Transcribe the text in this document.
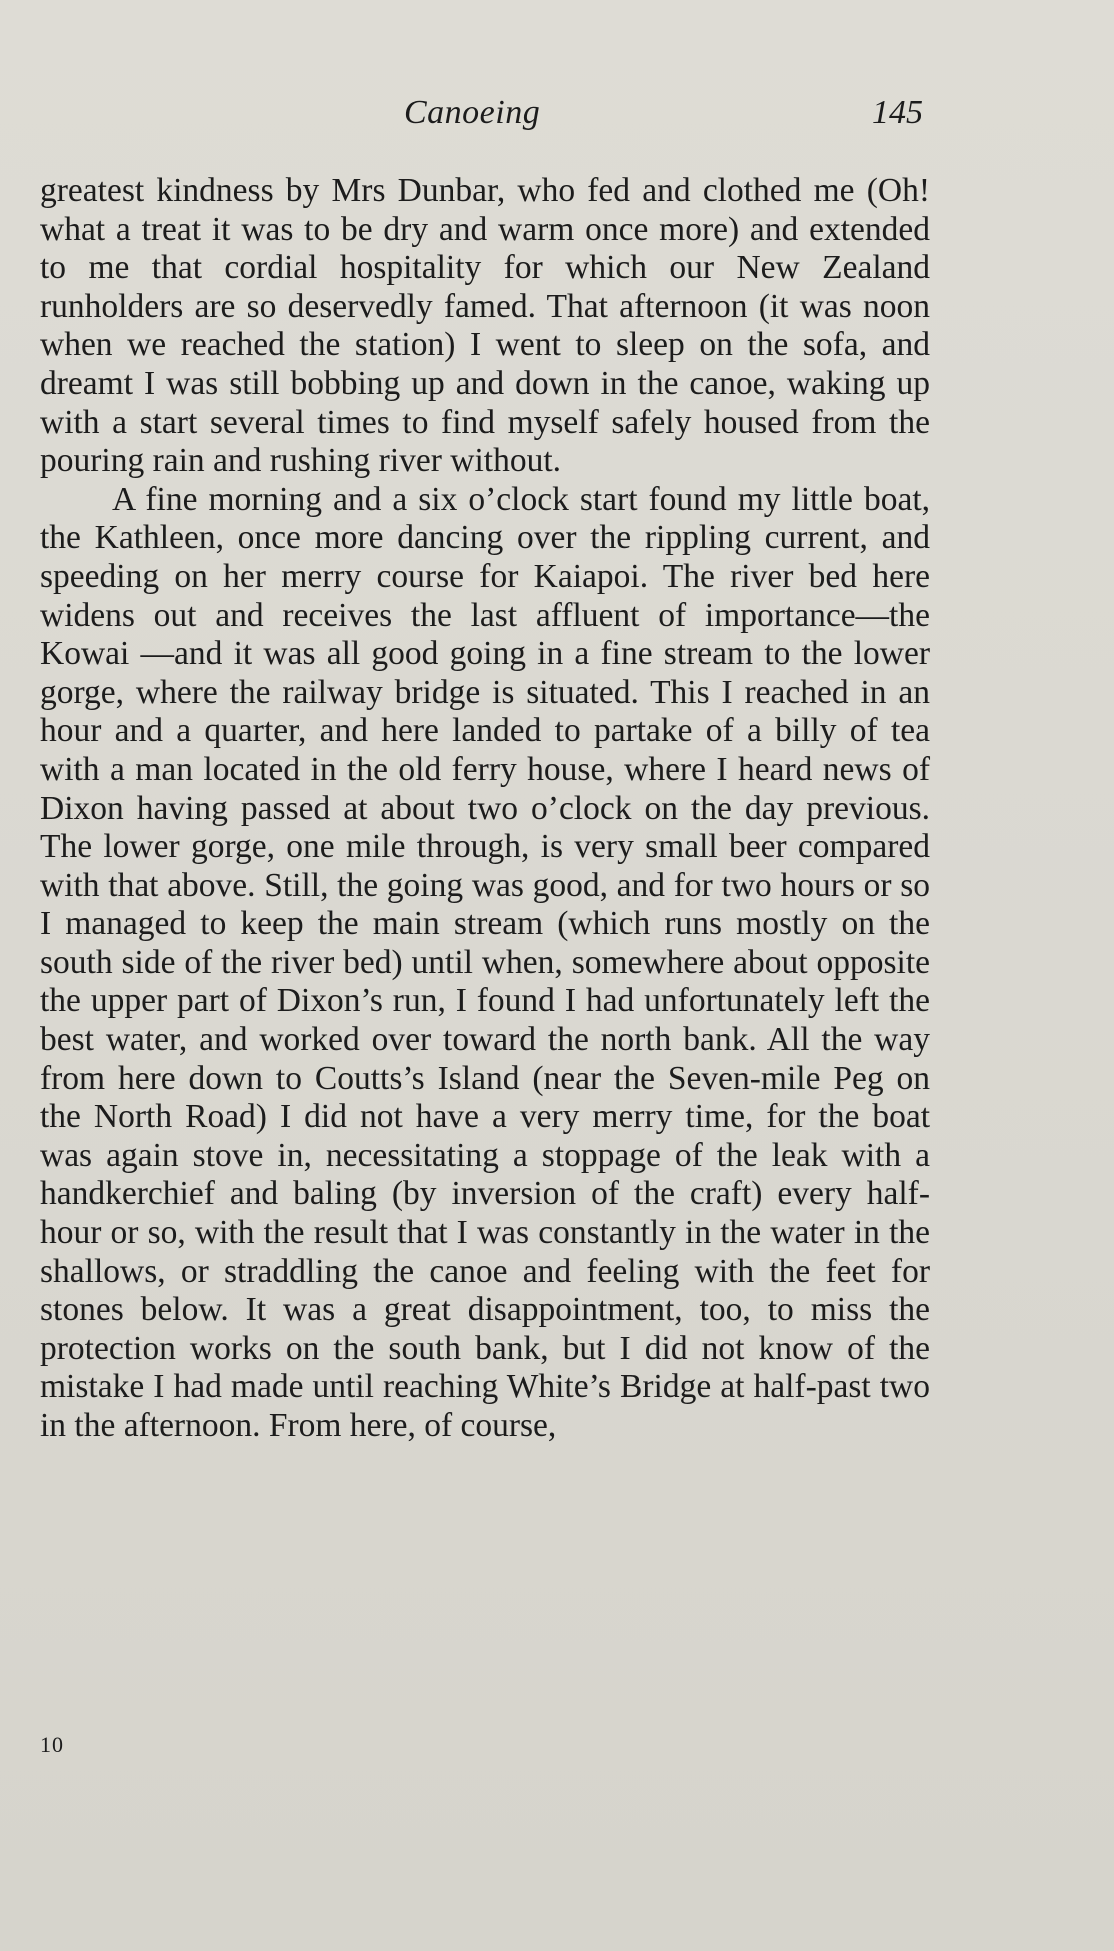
Canoeing	145

greatest kindness by Mrs Dunbar, who fed and clothed me (Oh! what a treat it was to be dry and warm once more) and extended to me that cordial hospitality for which our New Zealand runholders are so deservedly famed. That afternoon (it was noon when we reached the station) I went to sleep on the sofa, and dreamt I was still bobbing up and down in the canoe, waking up with a start several times to find myself safely housed from the pouring rain and rushing river without.

A fine morning and a six o’clock start found my little boat, the Kathleen, once more dancing over the rippling current, and speeding on her merry course for Kaiapoi. The river bed here widens out and receives the last affluent of importance—the Kowai —and it was all good going in a fine stream to the lower gorge, where the railway bridge is situated. This I reached in an hour and a quarter, and here landed to partake of a billy of tea with a man located in the old ferry house, where I heard news of Dixon having passed at about two o’clock on the day previous. The lower gorge, one mile through, is very small beer compared with that above. Still, the going was good, and for two hours or so I managed to keep the main stream (which runs mostly on the south side of the river bed) until when, somewhere about opposite the upper part of Dixon’s run, I found I had unfortunately left the best water, and worked over toward the north bank. All the way from here down to Coutts’s Island (near the Seven-mile Peg on the North Road) I did not have a very merry time, for the boat was again stove in, necessitating a stoppage of the leak with a handkerchief and baling (by inversion of the craft) every half-hour or so, with the result that I was constantly in the water in the shallows, or straddling the canoe and feeling with the feet for stones below. It was a great disappointment, too, to miss the protection works on the south bank, but I did not know of the mistake I had made until reaching White’s Bridge at half-past two in the afternoon. From here, of course,

10
